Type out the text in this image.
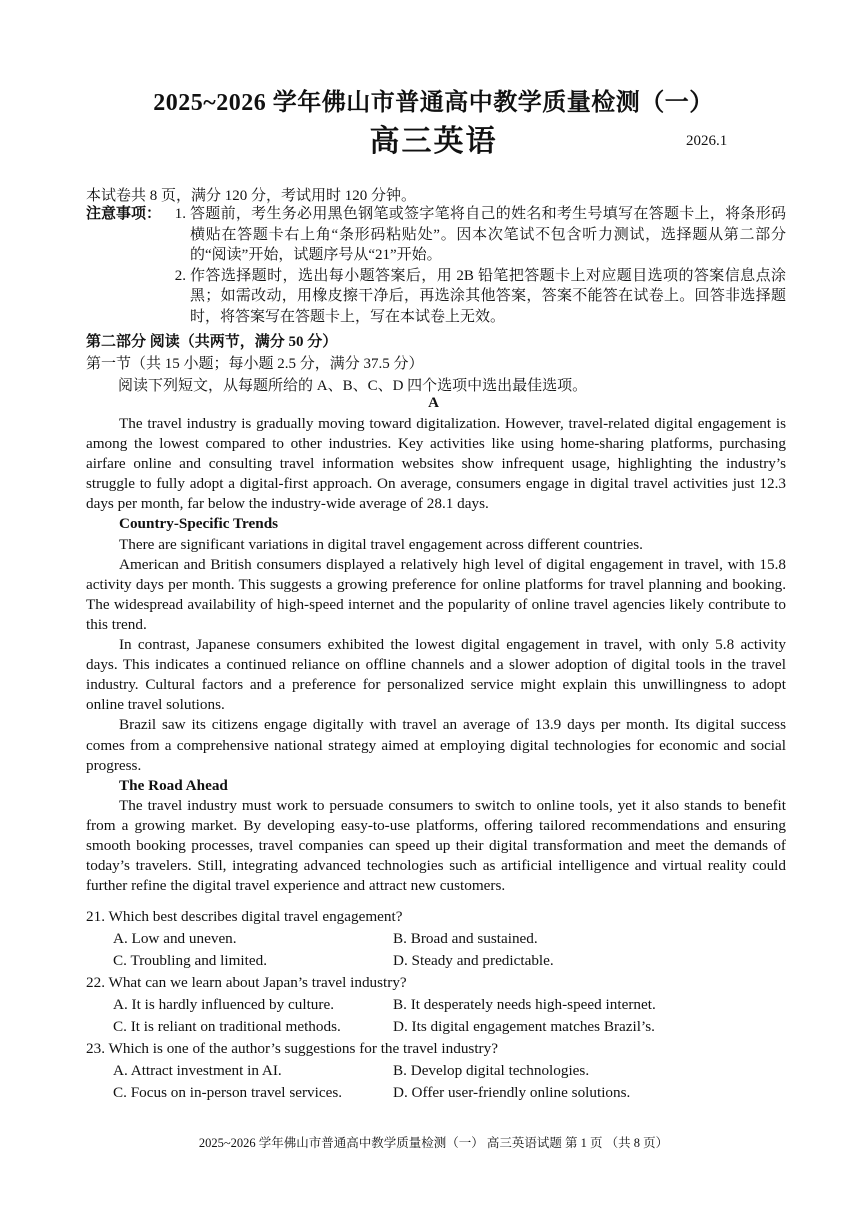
2025~2026 学年佛山市普通高中教学质量检测（一）
高三英语	2026.1
本试卷共 8 页，满分 120 分，考试用时 120 分钟。
注意事项： 1. 答题前，考生务必用黑色钢笔或签字笔将自己的姓名和考生号填写在答题卡上，将条形码横贴在答题卡右上角“条形码粘贴处”。因本次笔试不包含听力测试，选择题从第二部分的“阅读”开始，试题序号从“21”开始。
2. 作答选择题时，选出每小题答案后，用 2B 铅笔把答题卡上对应题目选项的答案信息点涂黑；如需改动，用橡皮擦干净后，再选涂其他答案，答案不能答在试卷上。回答非选择题时，将答案写在答题卡上，写在本试卷上无效。
第二部分 阅读（共两节，满分 50 分）
第一节（共 15 小题；每小题 2.5 分，满分 37.5 分）
阅读下列短文，从每题所给的 A、B、C、D 四个选项中选出最佳选项。
A

The travel industry is gradually moving toward digitalization. However, travel-related digital engagement is among the lowest compared to other industries. Key activities like using home-sharing platforms, purchasing airfare online and consulting travel information websites show infrequent usage, highlighting the industry’s struggle to fully adopt a digital-first approach. On average, consumers engage in digital travel activities just 12.3 days per month, far below the industry-wide average of 28.1 days.

Country-Specific Trends

There are significant variations in digital travel engagement across different countries.

American and British consumers displayed a relatively high level of digital engagement in travel, with 15.8 activity days per month. This suggests a growing preference for online platforms for travel planning and booking. The widespread availability of high-speed internet and the popularity of online travel agencies likely contribute to this trend.

In contrast, Japanese consumers exhibited the lowest digital engagement in travel, with only 5.8 activity days. This indicates a continued reliance on offline channels and a slower adoption of digital tools in the travel industry. Cultural factors and a preference for personalized service might explain this unwillingness to adopt online travel solutions.

Brazil saw its citizens engage digitally with travel an average of 13.9 days per month. Its digital success comes from a comprehensive national strategy aimed at employing digital technologies for economic and social progress.

The Road Ahead

The travel industry must work to persuade consumers to switch to online tools, yet it also stands to benefit from a growing market. By developing easy-to-use platforms, offering tailored recommendations and ensuring smooth booking processes, travel companies can speed up their digital transformation and meet the demands of today’s travelers. Still, integrating advanced technologies such as artificial intelligence and virtual reality could further refine the digital travel experience and attract new customers.

21. Which best describes digital travel engagement?

A. Low and uneven.	B. Broad and sustained.
C. Troubling and limited.	D. Steady and predictable.

22. What can we learn about Japan’s travel industry?

A. It is hardly influenced by culture.	B. It desperately needs high-speed internet.
C. It is reliant on traditional methods.	D. Its digital engagement matches Brazil’s.

23. Which is one of the author’s suggestions for the travel industry?

A. Attract investment in AI.	B. Develop digital technologies.
C. Focus on in-person travel services.	D. Offer user-friendly online solutions.
2025~2026 学年佛山市普通高中教学质量检测（一） 高三英语试题 第 1 页 （共 8 页）
